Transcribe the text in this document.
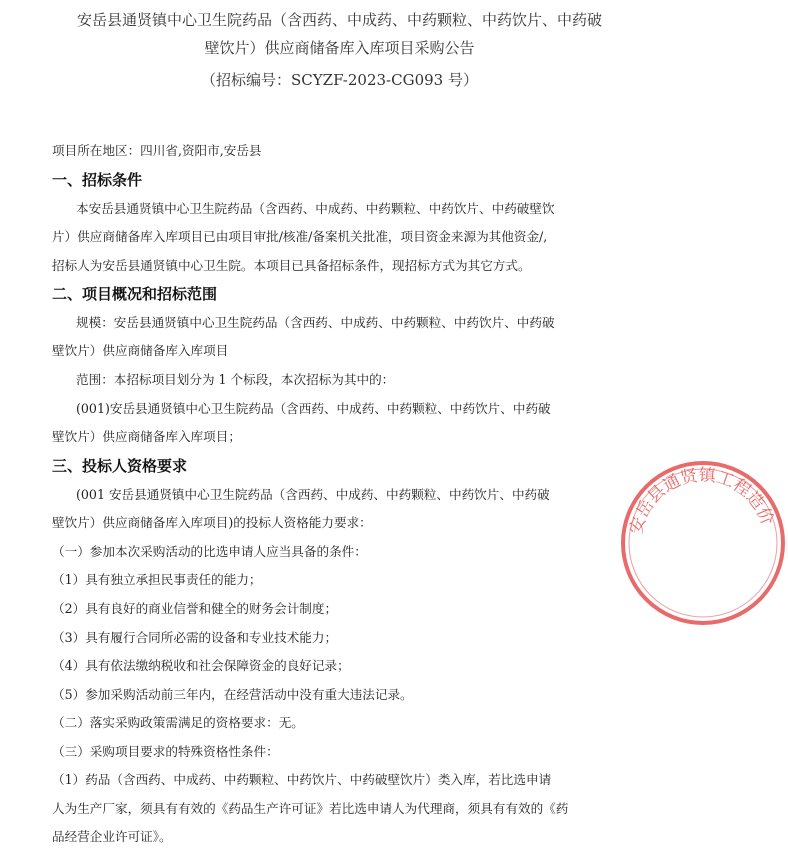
安岳县通贤镇中心卫生院药品（含西药、中成药、中药颗粒、中药饮片、中药破
壁饮片）供应商储备库入库项目采购公告
（招标编号：SCYZF-2023-CG093 号）
项目所在地区：四川省,资阳市,安岳县
一、招标条件
本安岳县通贤镇中心卫生院药品（含西药、中成药、中药颗粒、中药饮片、中药破壁饮
片）供应商储备库入库项目已由项目审批/核准/备案机关批准，项目资金来源为其他资金/,
招标人为安岳县通贤镇中心卫生院。本项目已具备招标条件，现招标方式为其它方式。
二、项目概况和招标范围
规模：安岳县通贤镇中心卫生院药品（含西药、中成药、中药颗粒、中药饮片、中药破
壁饮片）供应商储备库入库项目
范围：本招标项目划分为 1 个标段，本次招标为其中的：
(001)安岳县通贤镇中心卫生院药品（含西药、中成药、中药颗粒、中药饮片、中药破
壁饮片）供应商储备库入库项目；
三、投标人资格要求
(001 安岳县通贤镇中心卫生院药品（含西药、中成药、中药颗粒、中药饮片、中药破
壁饮片）供应商储备库入库项目)的投标人资格能力要求：
（一）参加本次采购活动的比选申请人应当具备的条件：
（1）具有独立承担民事责任的能力；
（2）具有良好的商业信誉和健全的财务会计制度；
（3）具有履行合同所必需的设备和专业技术能力；
（4）具有依法缴纳税收和社会保障资金的良好记录；
（5）参加采购活动前三年内，在经营活动中没有重大违法记录。
（二）落实采购政策需满足的资格要求：无。
（三）采购项目要求的特殊资格性条件：
（1）药品（含西药、中成药、中药颗粒、中药饮片、中药破壁饮片）类入库，若比选申请
人为生产厂家，须具有有效的《药品生产许可证》若比选申请人为代理商，须具有有效的《药
品经营企业许可证》。
安岳县通贤镇工程造价
